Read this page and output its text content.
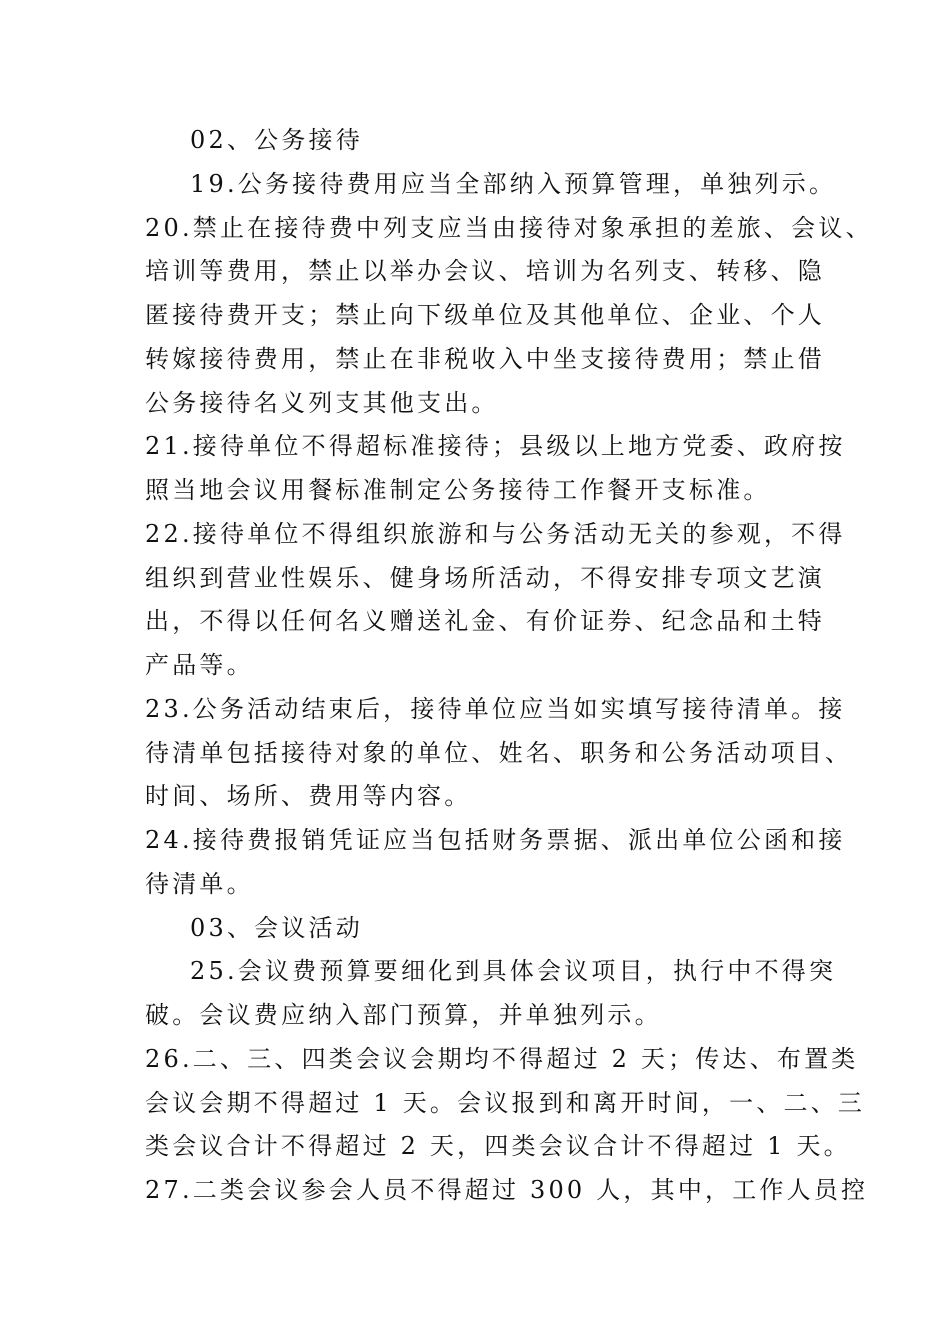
02、公务接待
19.公务接待费用应当全部纳入预算管理，单独列示。
20.禁止在接待费中列支应当由接待对象承担的差旅、会议、
培训等费用，禁止以举办会议、培训为名列支、转移、隐
匿接待费开支；禁止向下级单位及其他单位、企业、个人
转嫁接待费用，禁止在非税收入中坐支接待费用；禁止借
公务接待名义列支其他支出。
21.接待单位不得超标准接待；县级以上地方党委、政府按
照当地会议用餐标准制定公务接待工作餐开支标准。
22.接待单位不得组织旅游和与公务活动无关的参观，不得
组织到营业性娱乐、健身场所活动，不得安排专项文艺演
出，不得以任何名义赠送礼金、有价证券、纪念品和土特
产品等。
23.公务活动结束后，接待单位应当如实填写接待清单。接
待清单包括接待对象的单位、姓名、职务和公务活动项目、
时间、场所、费用等内容。
24.接待费报销凭证应当包括财务票据、派出单位公函和接
待清单。
03、会议活动
25.会议费预算要细化到具体会议项目，执行中不得突
破。会议费应纳入部门预算，并单独列示。
26.二、三、四类会议会期均不得超过 2 天；传达、布置类
会议会期不得超过 1 天。会议报到和离开时间，一、二、三
类会议合计不得超过 2 天，四类会议合计不得超过 1 天。
27.二类会议参会人员不得超过 300 人，其中，工作人员控
